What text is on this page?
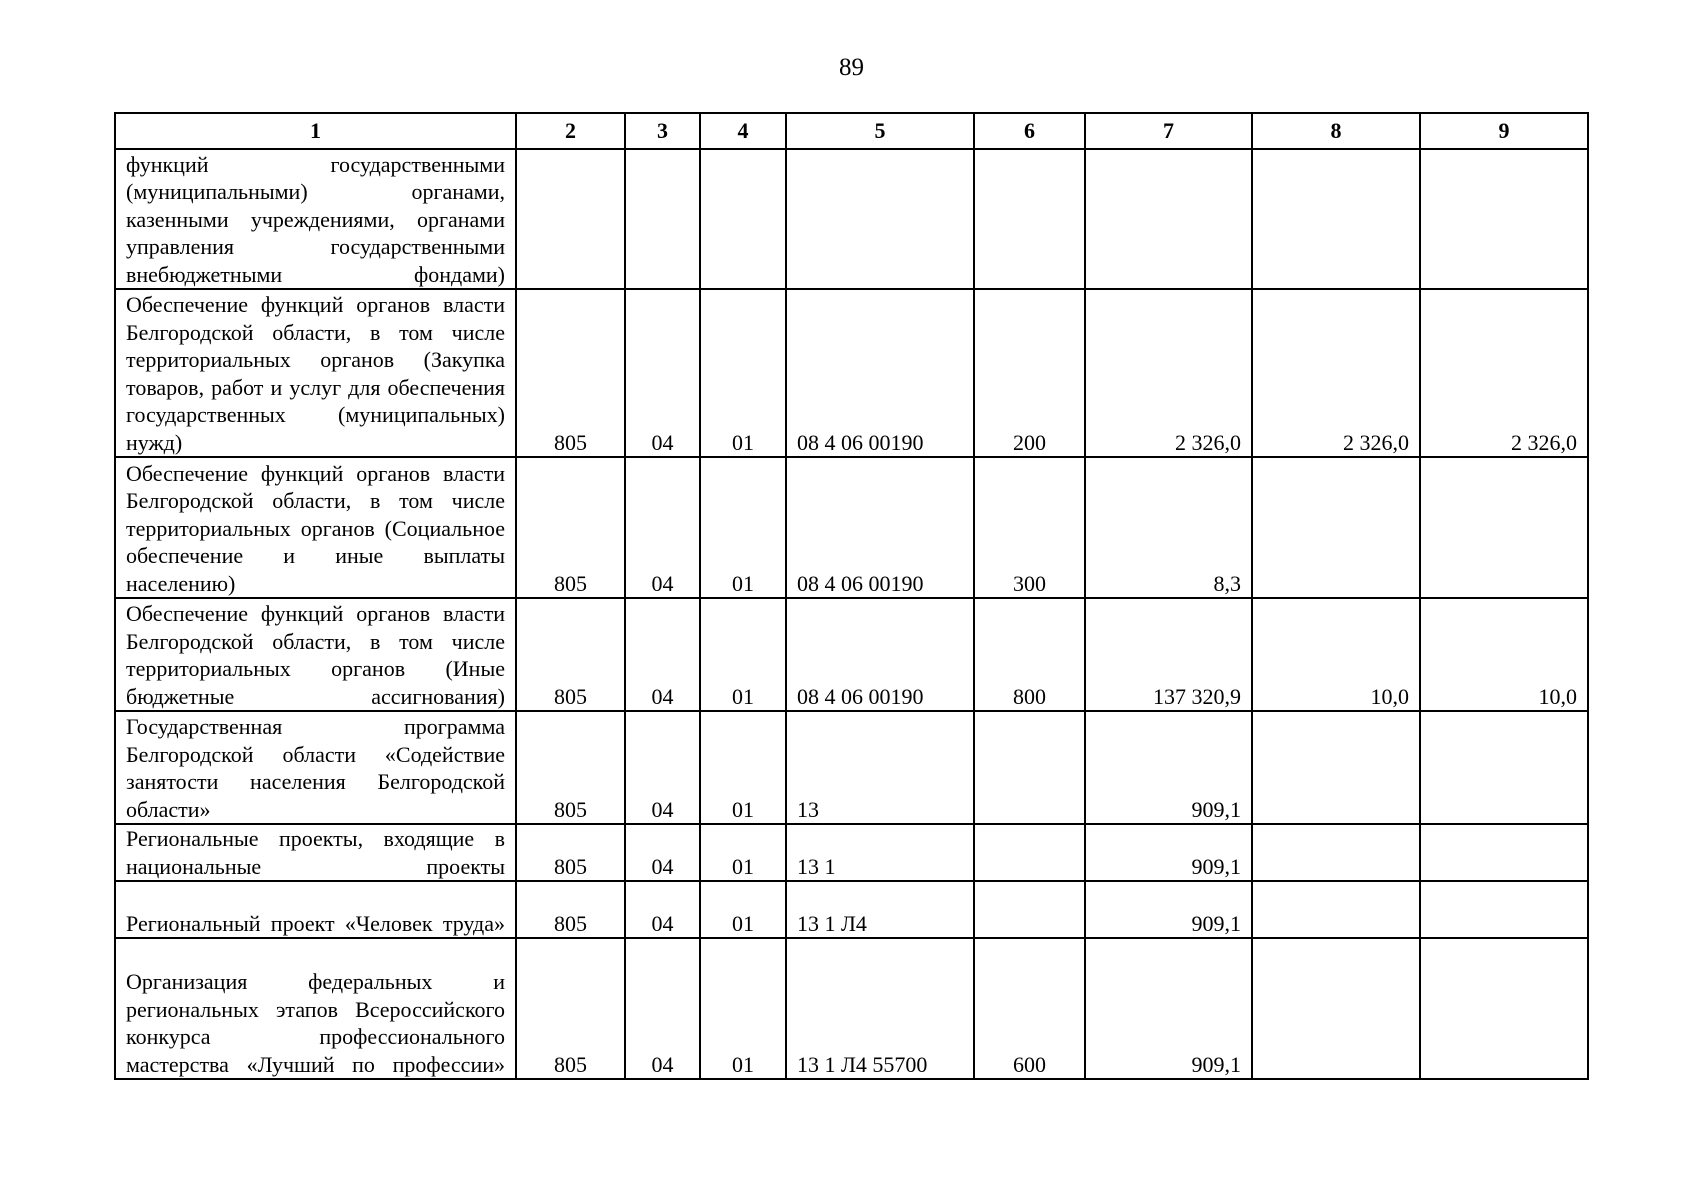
89
1	2	3	4	5	6	7	8	9
функций государственными (муниципальными) органами, казенными учреждениями, органами управления государственными внебюджетными фондами)								
Обеспечение функций органов власти Белгородской области, в том числе территориальных органов (Закупка товаров, работ и услуг для обеспечения государственных (муниципальных) нужд)	805	04	01	08 4 06 00190	200	2 326,0	2 326,0	2 326,0
Обеспечение функций органов власти Белгородской области, в том числе территориальных органов (Социальное обеспечение и иные выплаты населению)	805	04	01	08 4 06 00190	300	8,3		
Обеспечение функций органов власти Белгородской области, в том числе территориальных органов (Иные бюджетные ассигнования)	805	04	01	08 4 06 00190	800	137 320,9	10,0	10,0
Государственная программа Белгородской области «Содействие занятости населения Белгородской области»	805	04	01	13		909,1		
Региональные проекты, входящие в национальные проекты	805	04	01	13 1		909,1		
Региональный проект «Человек труда»	805	04	01	13 1 Л4		909,1		
Организация федеральных и региональных этапов Всероссийского конкурса профессионального мастерства «Лучший по профессии»	805	04	01	13 1 Л4 55700	600	909,1		
